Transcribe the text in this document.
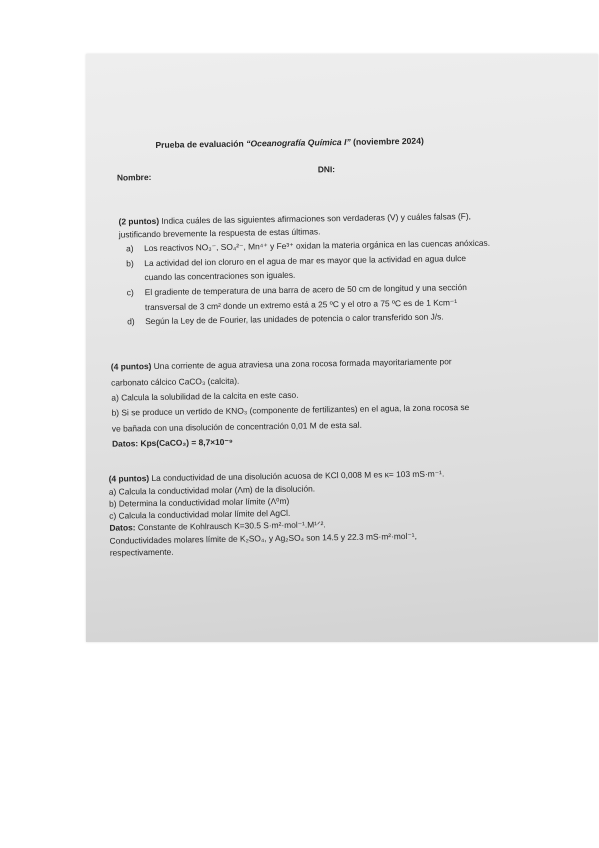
Prueba de evaluación “Oceanografía Química I” (noviembre 2024)
Nombre:
DNI:
(2 puntos) Indica cuáles de las siguientes afirmaciones son verdaderas (V) y cuáles falsas (F),
justificando brevemente la respuesta de estas últimas.
a) Los reactivos NO₃⁻, SO₄²⁻, Mn⁴⁺ y Fe³⁺ oxidan la materia orgánica en las cuencas anóxicas.
b) La actividad del ion cloruro en el agua de mar es mayor que la actividad en agua dulce
cuando las concentraciones son iguales.
c) El gradiente de temperatura de una barra de acero de 50 cm de longitud y una sección
transversal de 3 cm² donde un extremo está a 25 ºC y el otro a 75 ºC es de 1 Kcm⁻¹
d) Según la Ley de de Fourier, las unidades de potencia o calor transferido son J/s.
(4 puntos) Una corriente de agua atraviesa una zona rocosa formada mayoritariamente por
carbonato cálcico CaCO₃ (calcita).
a) Calcula la solubilidad de la calcita en este caso.
b) Si se produce un vertido de KNO₃ (componente de fertilizantes) en el agua, la zona rocosa se
ve bañada con una disolución de concentración 0,01 M de esta sal.
Datos: Kps(CaCO₃) = 8,7×10⁻⁹
(4 puntos) La conductividad de una disolución acuosa de KCl 0,008 M es κ= 103 mS·m⁻¹.
a) Calcula la conductividad molar (Λm) de la disolución.
b) Determina la conductividad molar límite (Λ⁰m)
c) Calcula la conductividad molar límite del AgCl.
Datos: Constante de Kohlrausch K=30.5 S·m²·mol⁻¹.M¹ᐟ².
Conductividades molares límite de K₂SO₄, y Ag₂SO₄ son 14.5 y 22.3 mS·m²·mol⁻¹,
respectivamente.
